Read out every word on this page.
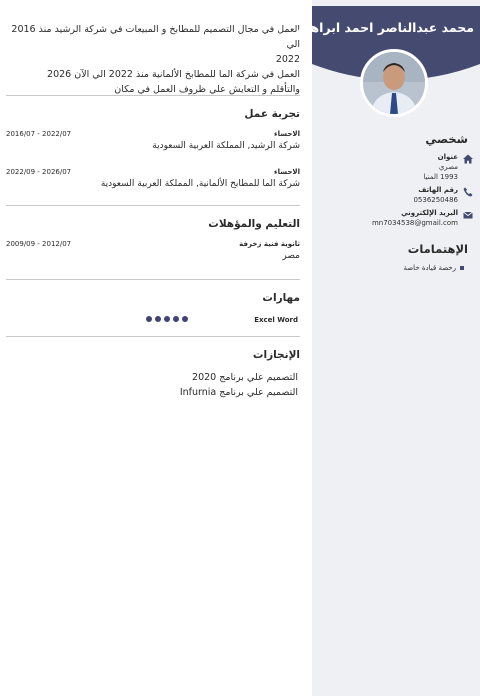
العمل في مجال التصميم للمطابخ و المبيعات في شركة الرشيد منذ 2016 الي
2022
العمل في شركة الما للمطابخ الألمانية منذ 2022 الي الآن 2026
والتأقلم و التعايش علي ظروف العمل في مكان
تجربة عمل
الاحساء
شركة الرشيد, المملكة العربية السعودية
2016/07 - 2022/07
الاحساء
شركة الما للمطابخ الألمانية, المملكة العربية السعودية
2022/09 - 2026/07
التعليم والمؤهلات
ثانوية فنية زخرفة
مصر
2009/09 - 2012/07
مهارات
Excel Word
الإنجازات
التصميم علي برنامج 2020
التصميم علي برنامج Infurnia
محمد عبدالناصر احمد ابراهيم
شخصي
عنوان
مصري
1993 المنيا
رقم الهاتف
0536250486
البريد الإلكتروني
mn7034538@gmail.com
الإهتمامات
رخصة قيادة خاصة
